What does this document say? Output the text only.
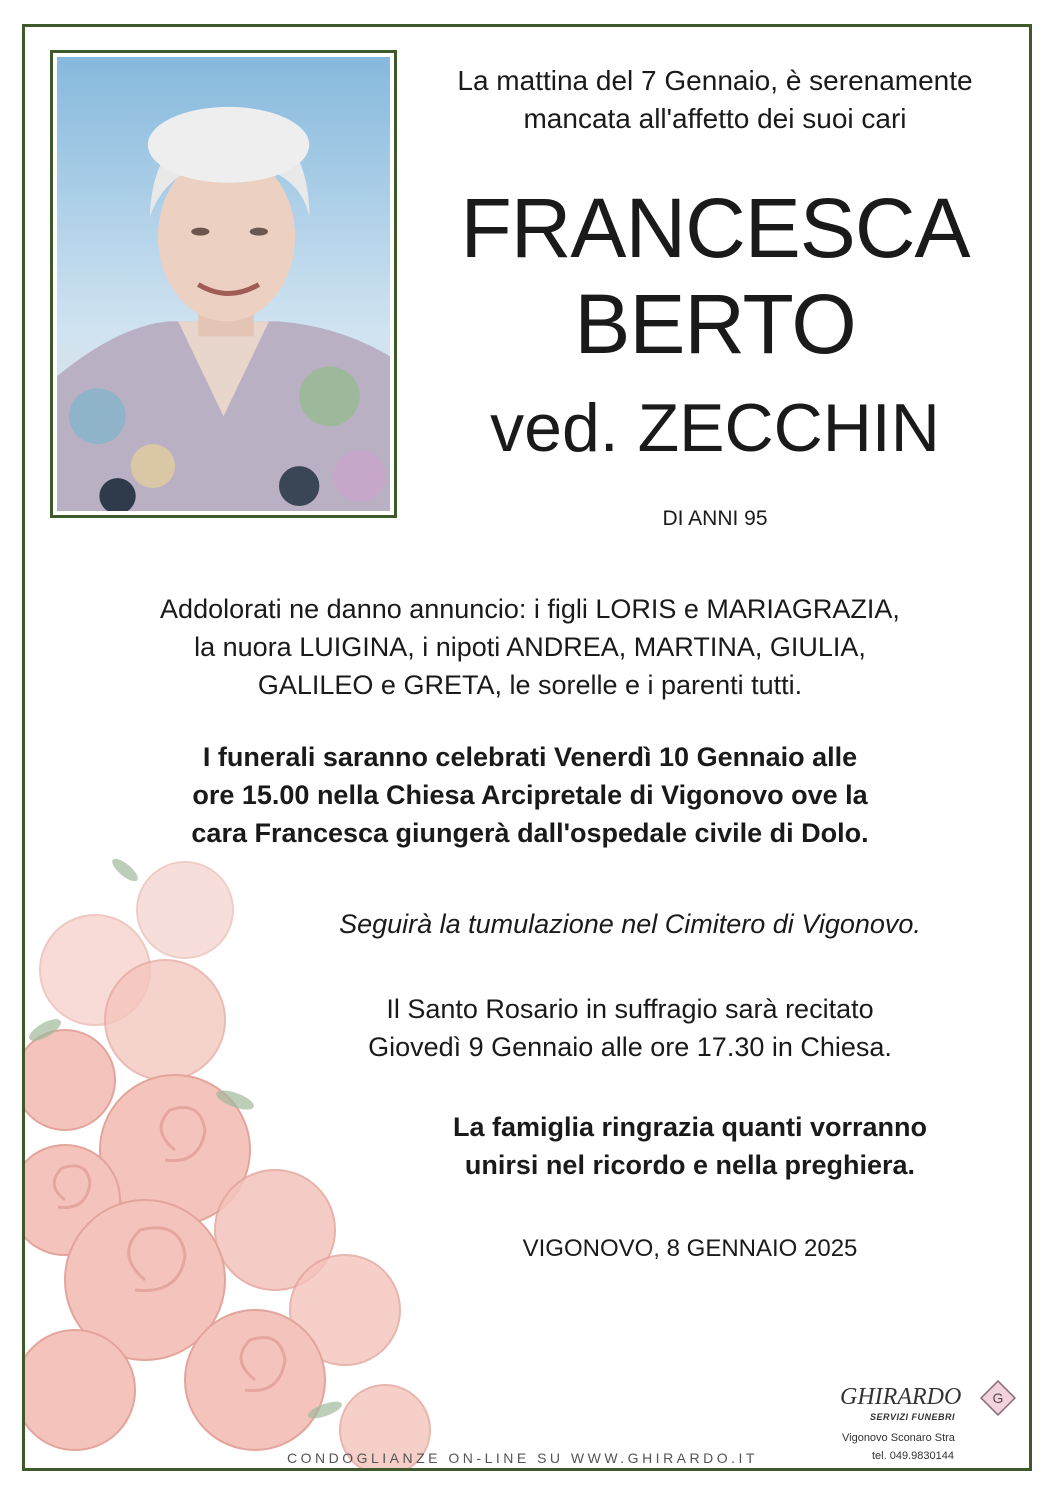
La mattina del 7 Gennaio, è serenamente
mancata all'affetto dei suoi cari
FRANCESCA
BERTO
ved. ZECCHIN
DI ANNI 95
Addolorati ne danno annuncio: i figli LORIS e MARIAGRAZIA,
la nuora LUIGINA, i nipoti ANDREA, MARTINA, GIULIA,
GALILEO e GRETA, le sorelle e i parenti tutti.
I funerali saranno celebrati Venerdì 10 Gennaio alle
ore 15.00 nella Chiesa Arcipretale di Vigonovo ove la
cara Francesca giungerà dall'ospedale civile di Dolo.
Seguirà la tumulazione nel Cimitero di Vigonovo.
Il Santo Rosario in suffragio sarà recitato
Giovedì 9 Gennaio alle ore 17.30 in Chiesa.
La famiglia ringrazia quanti vorranno
unirsi nel ricordo e nella preghiera.
VIGONOVO, 8 GENNAIO 2025
CONDOGLIANZE ON-LINE SU WWW.GHIRARDO.IT
GHIRARDO
SERVIZI FUNEBRI
G
Vigonovo Sconaro Stra
tel. 049.9830144
